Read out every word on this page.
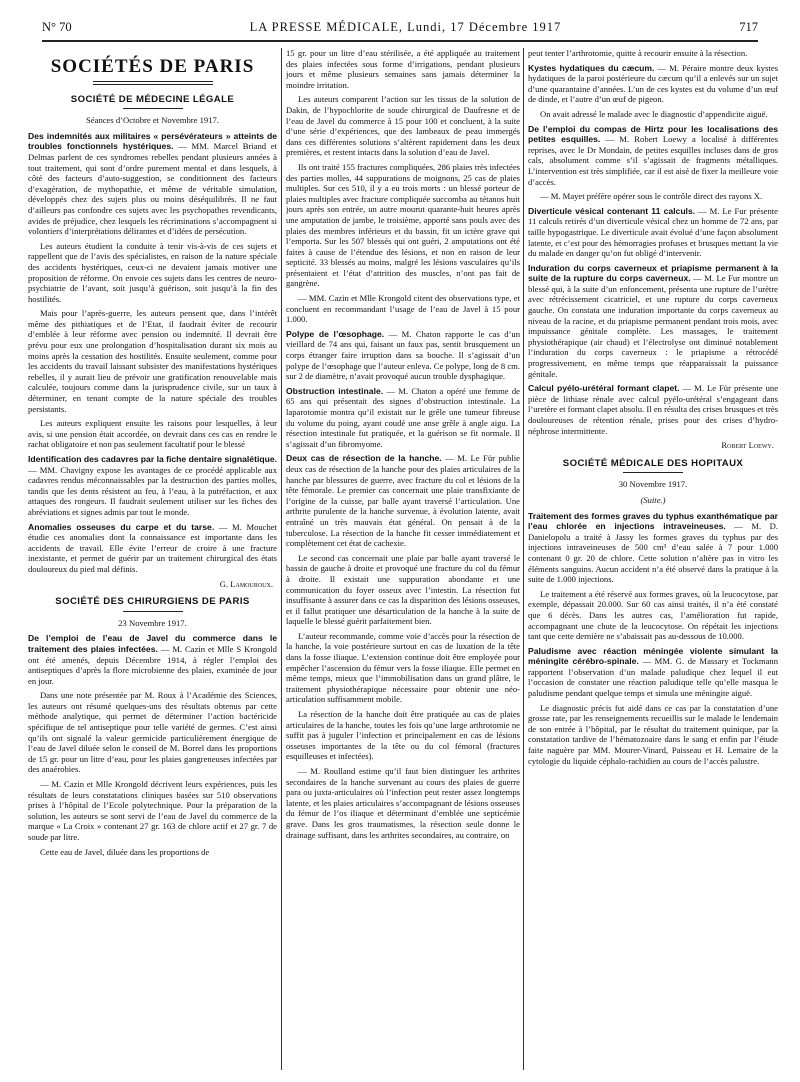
N° 70	LA PRESSE MÉDICALE, Lundi, 17 Décembre 1917	717
SOCIÉTÉS DE PARIS
SOCIÉTÉ DE MÉDECINE LÉGALE
Séances d’Octobre et Novembre 1917.

Des indemnités aux militaires « persévérateurs » atteints de troubles fonctionnels hystériques. — MM. Marcel Briand et Delmas parlent de ces syndromes rebelles pendant plusieurs années à tout traitement, qui sont d’ordre purement mental et dans lesquels, à côté des facteurs d’auto-suggestion, se conditionnent des facteurs d’exagération, de mythopathie, et même de véritable simulation, développés chez des sujets plus ou moins déséquilibrés. Il ne faut d’ailleurs pas confondre ces sujets avec les psychopathes revendicants, avides de préjudice, chez lesquels les récriminations s’accompagnent si volontiers d’interprétations délirantes et d’idées de persécution.

Les auteurs étudient la conduite à tenir vis-à-vis de ces sujets et rappellent que de l’avis des spécialistes, en raison de la nature spéciale des accidents hystériques, ceux-ci ne devaient jamais motiver une proposition de réforme. On envoie ces sujets dans les centres de neuro-psychiatrie de l’avant, soit jusqu’à guérison, soit jusqu’à la fin des hostilités.

Mais pour l’après-guerre, les auteurs pensent que, dans l’intérêt même des pithiatiques et de l’Etat, il faudrait éviter de recourir d’emblée à leur réforme avec pension ou indemnité. Il devrait être prévu pour eux une prolongation d’hospitalisation durant six mois au moins après la cessation des hostilités. Ensuite seulement, comme pour les accidents du travail laissant subsister des manifestations hystériques rebelles, il y aurait lieu de prévoir une gratification renouvelable mais calculée, toujours comme dans la jurisprudence civile, sur un taux à déterminer, en tenant compte de la nature spéciale des troubles persistants.

Les auteurs expliquent ensuite les raisons pour lesquelles, à leur avis, si une pension était accordée, on devrait dans ces cas en rendre le rachat obligatoire et non pas seulement facultatif pour le blessé

Identification des cadavres par la fiche dentaire signalétique. — MM. Chavigny expose les avantages de ce procédé applicable aux cadavres rendus méconnaissables par la destruction des parties molles, tandis que les dents résistent au feu, à l’eau, à la putréfaction, et aux attaques des rongeurs. Il faudrait seulement utiliser sur les fiches des abréviations et signes admis par tout le monde.

Anomalies osseuses du carpe et du tarse. — M. Mouchet étudie ces anomalies dont la connaissance est importante dans les accidents de travail. Elle évite l’erreur de croire à une fracture inexistante, et permet de guérir par un traitement chirurgical des états douloureux du pied mal définis.

G. Lamouroux.
SOCIÉTÉ DES CHIRURGIENS DE PARIS
23 Novembre 1917.

De l’emploi de l’eau de Javel du commerce dans le traitement des plaies infectées. — M. Cazin et Mlle S Krongold ont été amenés, depuis Décembre 1914, à régler l’emploi des antiseptiques d’après la flore microbienne des plaies, examinée de jour en jour.

Dans une note présentée par M. Roux à l’Académie des Sciences, les auteurs ont résumé quelques-uns des résultats obtenus par cette méthode analytique, qui permet de déterminer l’action bactéricide spécifique de tel antiseptique pour telle variété de germes. C’est ainsi qu’ils ont signalé la valeur germicide particulièrement énergique de l’eau de Javel diluée selon le conseil de M. Borrel dans les proportions de 15 gr. pour un litre d’eau, pour les plaies gangreneuses infectées par des anaérobies.

— M. Cazin et Mlle Krongold décrivent leurs expériences, puis les résultats de leurs constatations cliniques basées sur 510 observations prises à l’hôpital de l’Ecole polytechnique. Pour la préparation de la solution, les auteurs se sont servi de l’eau de Javel du commerce de la marque « La Croix » contenant 27 gr. 163 de chlore actif et 27 gr. 7 de soude par litre.

Cette eau de Javel, diluée dans les proportions de

15 gr. pour un litre d’eau stérilisée, a été appliquée au traitement des plaies infectées sous forme d’irrigations, pendant plusieurs jours et même plusieurs semaines sans jamais déterminer la moindre irritation.

Les auteurs comparent l’action sur les tissus de la solution de Dakin, de l’hypochlorite de soude chirurgical de Daufresne et de l’eau de Javel du commerce à 15 pour 100 et concluent, à la suite d’une série d’expériences, que des lambeaux de peau immergés dans ces différentes solutions s’altèrent rapidement dans les deux premières, et restent intacts dans la solution d’eau de Javel.

Ils ont traité 155 fractures compliquées, 286 plaies très infectées des parties molles, 44 suppurations de moignons, 25 cas de plaies multiples. Sur ces 510, il y a eu trois morts : un blessé porteur de plaies multiples avec fracture compliquée succomba au tétanos huit jours après son entrée, un autre mourut quarante-huit heures après une amputation de jambe, le troisième, apporté sans pouls avec des plaies des membres inférieurs et du bassin, fit un ictère grave qui l’emporta. Sur les 507 blessés qui ont guéri, 2 amputations ont été faites à cause de l’étendue des lésions, et non en raison de leur septicité. 33 blessés au moins, malgré les lésions vasculaires qu’ils présentaient et l’état d’attrition des muscles, n’ont pas fait de gangrène.

— MM. Cazin et Mlle Krongold citent des observations type, et concluent en recommandant l’usage de l’eau de Javel à 15 pour 1.000.

Polype de l’œsophage. — M. Chaton rapporte le cas d’un vieillard de 74 ans qui, faisant un faux pas, sentit brusquement un corps étranger faire irruption dans sa bouche. Il s’agissait d’un polype de l’œsophage que l’auteur enleva. Ce polype, long de 8 cm. sur 2 de diamètre, n’avait provoqué aucun trouble dysphagique.

Obstruction intestinale. — M. Chaton a opéré une femme de 65 ans qui présentait des signes d’obstruction intestinale. La laparotomie montra qu’il existait sur le grêle une tumeur fibreuse du volume du poing, ayant coudé une anse grêle à angle aigu. La résection intestinale fut pratiquée, et la guérison se fit normale. Il s’agissait d’un fibromyome.

Deux cas de résection de la hanche. — M. Le Für publie deux cas de résection de la hanche pour des plaies articulaires de la hanche par blessures de guerre, avec fracture du col et lésions de la tête fémorale. Le premier cas concernait une plaie transfixiante de l’origine de la cuisse, par balle ayant traversé l’articulation. Une arthrite purulente de la hanche survenue, à évolution latente, avait entraîné un très mauvais état général. On pensait à de la tuberculose. La résection de la hanche fit cesser immédiatement et complètement cet état de cachexie.

Le second cas concernait une plaie par balle ayant traversé le bassin de gauche à droite et provoqué une fracture du col du fémur à droite. Il existait une suppuration abondante et une communication du foyer osseux avec l’intestin. La résection fut insuffisante à assurer dans ce cas la disparition des lésions osseuses, et il fallut pratiquer une désarticulation de la hanche à la suite de laquelle le blessé guérit parfaitement bien.

L’auteur recommande, comme voie d’accès pour la résection de la hanche, la voie postérieure surtout en cas de luxation de la tête dans la fosse iliaque. L’extension continue doit être employée pour empêcher l’ascension du fémur vers la fosse iliaque. Elle permet en même temps, mieux que l’immobilisation dans un grand plâtre, le traitement physiothérapique nécessaire pour obtenir une néo-articulation suffisamment mobile.

La résection de la hanche doit être pratiquée au cas de plaies articulaires de la hanche, toutes les fois qu’une large arthrotomie ne suffit pas à juguler l’infection et principalement en cas de lésions osseuses importantes de la tête ou du col fémoral (fractures esquilleuses et infectées).

— M. Roulland estime qu’il faut bien distinguer les arthrites secondaires de la hanche survenant au cours des plaies de guerre para ou juxta-articulaires où l’infection peut rester assez longtemps latente, et les plaies articulaires s’accompagnant de lésions osseuses du fémur de l’os iliaque et déterminant d’emblée une septicémie grave. Dans les gros traumatismes, la résection seule donne le drainage suffisant, dans les arthrites secondaires, au contraire, on

peut tenter l’arthrotomie, quitte à recourir ensuite à la résection.

Kystes hydatiques du cæcum. — M. Péraire montre deux kystes hydatiques de la paroi postérieure du cæcum qu’il a enlevés sur un sujet d’une quarantaine d’années. L’un de ces kystes est du volume d’un œuf de dinde, et l’autre d’un œuf de pigeon.

On avait adressé le malade avec le diagnostic d’appendicite aiguë.

De l’emploi du compas de Hirtz pour les localisations des petites esquilles. — M. Robert Loewy a localisé à différentes reprises, avec le Dr Mondain, de petites esquilles incluses dans de gros cals, absolument comme s’il s’agissait de fragments métalliques. L’intervention est très simplifiée, car il est aisé de fixer la meilleure voie d’accès.

— M. Mayet préfère opérer sous le contrôle direct des rayons X.

Diverticule vésical contenant 11 calculs. — M. Le Fur présente 11 calculs retirés d’un diverticule vésical chez un homme de 72 ans, par taille hypogastrique. Le diverticule avait évolué d’une façon absolument latente, et c’est pour des hémorragies profuses et brusques mettant la vie du malade en danger qu’on fut obligé d’intervenir.

Induration du corps caverneux et priapisme permanent à la suite de la rupture du corps caverneux. — M. Le Fur montre un blessé qui, à la suite d’un enfoncement, présenta une rupture de l’urètre avec rétrécissement cicatriciel, et une rupture du corps caverneux gauche. On constata une induration importante du corps caverneux au niveau de la racine, et du priapisme permanent pendant trois mois, avec impuissance génitale complète. Les massages, le traitement physiothérapique (air chaud) et l’électrolyse ont diminué notablement l’induration du corps caverneux : le priapisme a rétrocédé progressivement, en même temps que réapparaissait la puissance génitale.

Calcul pyélo-urétéral formant clapet. — M. Le Für présente une pièce de lithiase rénale avec calcul pyélo-urétéral s’engageant dans l’uretère et formant clapet absolu. Il en résulta des crises brusques et très douloureuses de rétention rénale, prises pour des crises d’hydro-néphrose intermittente.

Robert Loewy.
SOCIÉTÉ MÉDICALE DES HOPITAUX
30 Novembre 1917.
(Suite.)

Traitement des formes graves du typhus exanthématique par l’eau chlorée en injections intraveineuses. — M. D. Danielopolu a traité à Jassy les formes graves du typhus par des injections intraveineuses de 500 cm³ d’eau salée à 7 pour 1.000 contenant 0 gr. 20 de chlore. Cette solution n’altère pas in vitro les éléments sanguins. Aucun accident n’a été observé dans la pratique à la suite de 1.000 injections.

Le traitement a été réservé aux formes graves, où la leucocytose, par exemple, dépassait 20.000. Sur 60 cas ainsi traités, il n’a été constaté que 6 décès. Dans les autres cas, l’amélioration fut rapide, accompagnant une chute de la leucocytose. On répétait les injections tant que cette dernière ne s’abaissait pas au-dessous de 10.000.

Paludisme avec réaction méningée violente simulant la méningite cérébro-spinale. — MM. G. de Massary et Tockmann rapportent l’observation d’un malade paludique chez lequel il eut l’occasion de constater une réaction paludique telle qu’elle masqua le paludisme pendant quelque temps et simula une méningite aiguë.

Le diagnostic précis fut aidé dans ce cas par la constatation d’une grosse rate, par les renseignements recueillis sur le malade le lendemain de son entrée à l’hôpital, par le résultat du traitement quinique, par la constatation tardive de l’hématozoaire dans le sang et enfin par l’étude faite naguère par MM. Mourer-Vinard, Paisseau et H. Lemaire de la cytologie du liquide céphalo-rachidien au cours de l’accès palustre.
